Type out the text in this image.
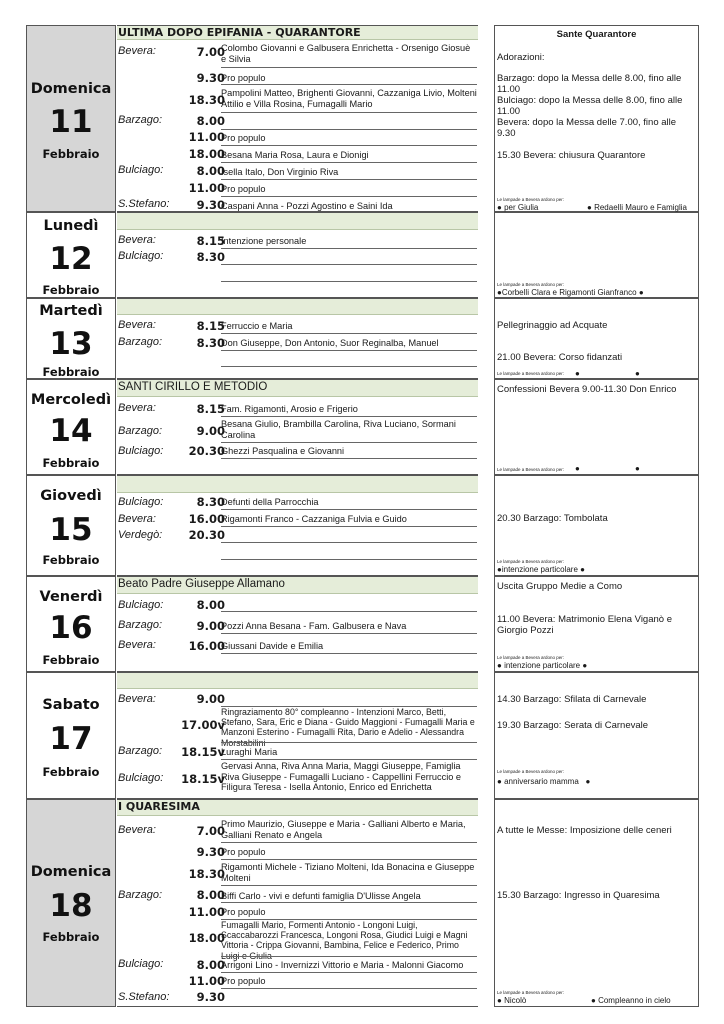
Domenica
11
Febbraio
ULTIMA DOPO EPIFANIA - QUARANTORE
Bevera:	7.00
Colombo Giovanni e Galbusera Enrichetta - Orsenigo Giosuè e Silvia
9.30
Pro populo
18.30
Pampolini Matteo, Brighenti Giovanni, Cazzaniga Livio, Molteni Attilio e Villa Rosina, Fumagalli Mario
Barzago:	8.00
11.00
Pro populo
18.00
Besana Maria Rosa, Laura e Dionigi
Bulciago:	8.00
Isella Italo, Don Virginio Riva
11.00
Pro populo
S.Stefano:	9.30
Caspani Anna - Pozzi Agostino e Saini Ida
Sante Quarantore
Adorazioni:
Barzago: dopo la Messa delle 8.00, fino alle 11.00
Bulciago: dopo la Messa delle 8.00, fino alle 11.00
Bevera: dopo la Messa delle 7.00, fino alle 9.30
15.30 Bevera: chiusura Quarantore
Le lampade a Bevera ardono per:
● per Giulia	● Redaelli Mauro e Famiglia
Lunedì
12
Febbraio
Bevera:	8.15
Intenzione personale
Bulciago:	8.30
Le lampade a Bevera ardono per:
●Corbelli Clara e Rigamonti Gianfranco ●
Martedì
13
Febbraio
Bevera:	8.15
Ferruccio e Maria
Barzago:	8.30
Don Giuseppe, Don Antonio, Suor Reginalba, Manuel
Pellegrinaggio ad Acquate
21.00 Bevera: Corso fidanzati
Le lampade a Bevera ardono per: ●	●
Mercoledì
14
Febbraio
SANTI CIRILLO E METODIO
Bevera:	8.15
Fam. Rigamonti, Arosio e Frigerio
Barzago:	9.00
Besana Giulio, Brambilla Carolina, Riva Luciano, Sormani Carolina
Bulciago:	20.30
Ghezzi Pasqualina e Giovanni
Confessioni Bevera 9.00-11.30 Don Enrico
Le lampade a Bevera ardono per: ●	●
Giovedì
15
Febbraio
Bulciago:	8.30
Defunti della Parrocchia
Bevera:	16.00
Rigamonti Franco - Cazzaniga Fulvia e Guido
Verdegò:	20.30
20.30 Barzago: Tombolata
Le lampade a Bevera ardono per:
●intenzione particolare ●
Venerdì
16
Febbraio
Beato Padre Giuseppe Allamano
Bulciago:	8.00
Barzago:	9.00
Pozzi Anna Besana - Fam. Galbusera e Nava
Bevera:	16.00
Giussani Davide e Emilia
Uscita Gruppo Medie a Como
11.00 Bevera: Matrimonio Elena Viganò e Giorgio Pozzi
Le lampade a Bevera ardono per:
● intenzione particolare ●
Sabato
17
Febbraio
Bevera:	9.00
17.00v
Ringraziamento 80° compleanno - Intenzioni Marco, Betti, Stefano, Sara, Eric e Diana - Guido Maggioni - Fumagalli Maria e Manzoni Esterino - Fumagalli Rita, Dario e Adelio - Alessandra Morstabilini
Barzago:	18.15v
Luraghi Maria
Bulciago:	18.15v
Gervasi Anna, Riva Anna Maria, Maggi Giuseppe, Famiglia Riva Giuseppe - Fumagalli Luciano - Cappellini Ferruccio e Filigura Teresa - Isella Antonio, Enrico ed Enrichetta
14.30 Barzago: Sfilata di Carnevale
19.30 Barzago: Serata di Carnevale
Le lampade a Bevera ardono per:
● anniversario mamma ●
Domenica
18
Febbraio
I QUARESIMA
Bevera:	7.00
Primo Maurizio, Giuseppe e Maria - Galliani Alberto e Maria, Galliani Renato e Angela
9.30
Pro populo
18.30
Rigamonti Michele - Tiziano Molteni, Ida Bonacina e Giuseppe Molteni
Barzago:	8.00
Biffi Carlo - vivi e defunti famiglia D'Ulisse Angela
11.00
Pro populo
18.00
Fumagalli Mario, Formenti Antonio - Longoni Luigi, Scaccabarozzi Francesca, Longoni Rosa, Giudici Luigi e Magni Vittoria - Crippa Giovanni, Bambina, Felice e Federico, Primo Luigi e Giulia
Bulciago:	8.00
Arrigoni Lino - Invernizzi Vittorio e Maria - Malonni Giacomo
11.00
Pro populo
S.Stefano:	9.30
A tutte le Messe: Imposizione delle ceneri
15.30 Barzago: Ingresso in Quaresima
Le lampade a Bevera ardono per:
● Nicolò	● Compleanno in cielo
